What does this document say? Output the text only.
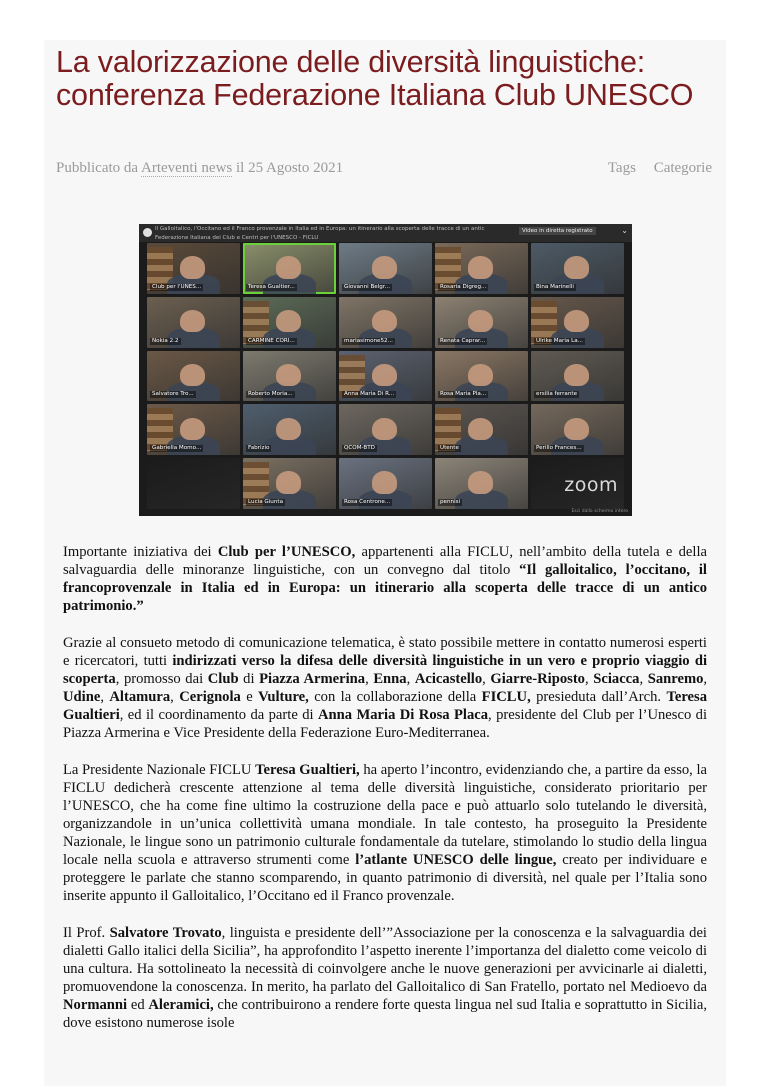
La valorizzazione delle diversità linguistiche: conferenza Federazione Italiana Club UNESCO
Pubblicato da Arteventi news il 25 Agosto 2021	Tags Categorie
Il Galloitalico, l'Occitano ed il Franco provenzale in Italia ed in Europa: un itinerario alla scoperta delle tracce di un antic
Federazione Italiana dei Club e Centri per l'UNESCO - FICLU
Video in diretta registrato	⌄
Club per l'UNES...	Teresa Gualtier...	Giovanni Belgr...	Rosaria Digreg...	Bina Marinelli
Nokia 2.2	CARMINE CORI...	mariasimone52...	Renata Caprar...	Ulrike Maria La...
Salvatore Tro...	Roberto Moria...	Anna Maria Di R...	Rosa Maria Pla...	ersilia ferrante
Gabriella Momo...	Fabrizio	QCOM-BTD	Utente	Perillo Frances...
Lucia Giunta	Rosa Centrone...	pennisi
zoom
Esci dallo schermo intero

Importante iniziativa dei Club per l’UNESCO, appartenenti alla FICLU, nell’ambito della tutela e della salvaguardia delle minoranze linguistiche, con un convegno dal titolo “Il galloitalico, l’occitano, il francoprovenzale in Italia ed in Europa: un itinerario alla scoperta delle tracce di un antico patrimonio.”

Grazie al consueto metodo di comunicazione telematica, è stato possibile mettere in contatto numerosi esperti e ricercatori, tutti indirizzati verso la difesa delle diversità linguistiche in un vero e proprio viaggio di scoperta, promosso dai Club di Piazza Armerina, Enna, Acicastello, Giarre-Riposto, Sciacca, Sanremo, Udine, Altamura, Cerignola e Vulture, con la collaborazione della FICLU, presieduta dall’Arch. Teresa Gualtieri, ed il coordinamento da parte di Anna Maria Di Rosa Placa, presidente del Club per l’Unesco di Piazza Armerina e Vice Presidente della Federazione Euro-Mediterranea.

La Presidente Nazionale FICLU Teresa Gualtieri, ha aperto l’incontro, evidenziando che, a partire da esso, la FICLU dedicherà crescente attenzione al tema delle diversità linguistiche, considerato prioritario per l’UNESCO, che ha come fine ultimo la costruzione della pace e può attuarlo solo tutelando le diversità, organizzandole in un’unica collettività umana mondiale. In tale contesto, ha proseguito la Presidente Nazionale, le lingue sono un patrimonio culturale fondamentale da tutelare, stimolando lo studio della lingua locale nella scuola e attraverso strumenti come l’atlante UNESCO delle lingue, creato per individuare e proteggere le parlate che stanno scomparendo, in quanto patrimonio di diversità, nel quale per l’Italia sono inserite appunto il Galloitalico, l’Occitano ed il Franco provenzale.

Il Prof. Salvatore Trovato, linguista e presidente dell’”Associazione per la conoscenza e la salvaguardia dei dialetti Gallo italici della Sicilia”, ha approfondito l’aspetto inerente l’importanza del dialetto come veicolo di una cultura. Ha sottolineato la necessità di coinvolgere anche le nuove generazioni per avvicinarle ai dialetti, promuovendone la conoscenza. In merito, ha parlato del Galloitalico di San Fratello, portato nel Medioevo da Normanni ed Aleramici, che contribuirono a rendere forte questa lingua nel sud Italia e soprattutto in Sicilia, dove esistono numerose isole
